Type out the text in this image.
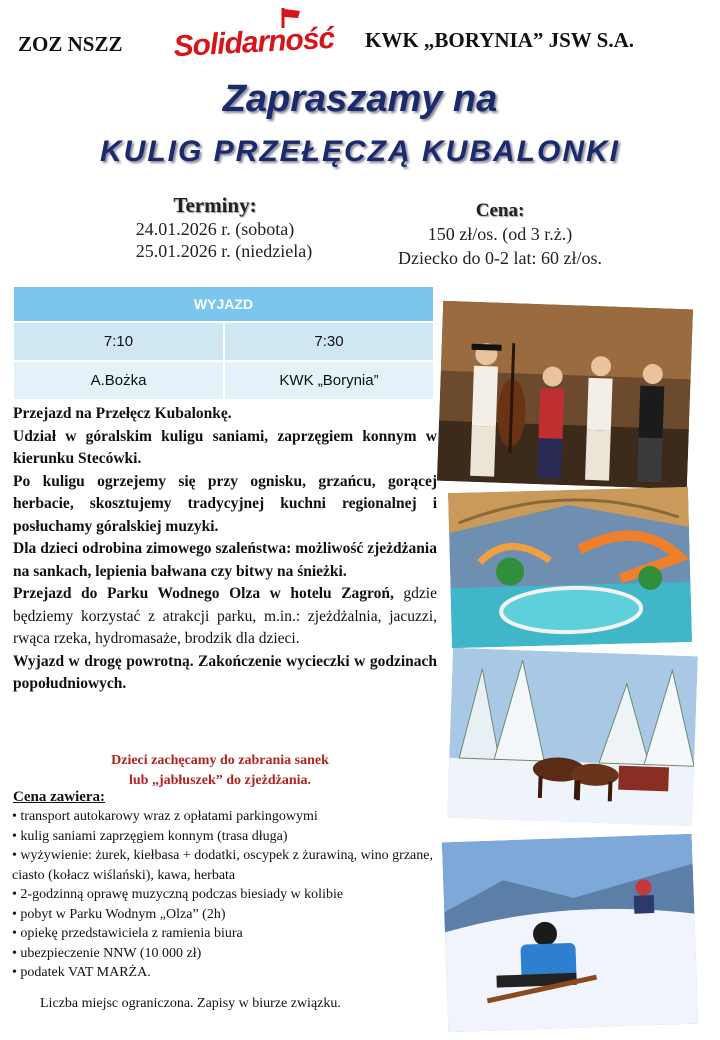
ZOZ NSZZ Solidarność KWK „BORYNIA” JSW S.A.
Zapraszamy na
KULIG PRZEŁĘCZĄ KUBALONKI
Terminy:
24.01.2026 r. (sobota)
25.01.2026 r. (niedziela)
Cena:
150 zł/os. (od 3 r.ż.)
Dziecko do 0-2 lat: 60 zł/os.
WYJAZD	
7:10	7:30
A.Bożka	KWK „Borynia”
Przejazd na Przełęcz Kubalonkę.
Udział w góralskim kuligu saniami, zaprzęgiem konnym w kierunku Stecówki.
Po kuligu ogrzejemy się przy ognisku, grzańcu, gorącej herbacie, skosztujemy tradycyjnej kuchni regionalnej i posłuchamy góralskiej muzyki.
Dla dzieci odrobina zimowego szaleństwa: możliwość zjeżdżania na sankach, lepienia bałwana czy bitwy na śnieżki.
Przejazd do Parku Wodnego Olza w hotelu Zagroń, gdzie będziemy korzystać z atrakcji parku, m.in.: zjeżdżalnia, jacuzzi, rwąca rzeka, hydromasaże, brodzik dla dzieci.
Wyjazd w drogę powrotną. Zakończenie wycieczki w godzinach popołudniowych.
Dzieci zachęcamy do zabrania sanek
lub „jabłuszek” do zjeżdżania.
Cena zawiera:
• transport autokarowy wraz z opłatami parkingowymi
• kulig saniami zaprzęgiem konnym (trasa długa)
• wyżywienie: żurek, kiełbasa + dodatki, oscypek z żurawiną, wino grzane, ciasto (kołacz wiślański), kawa, herbata
• 2-godzinną oprawę muzyczną podczas biesiady w kolibie
• pobyt w Parku Wodnym „Olza” (2h)
• opiekę przedstawiciela z ramienia biura
• ubezpieczenie NNW (10 000 zł)
• podatek VAT MARŻA.
Liczba miejsc ograniczona. Zapisy w biurze związku.
